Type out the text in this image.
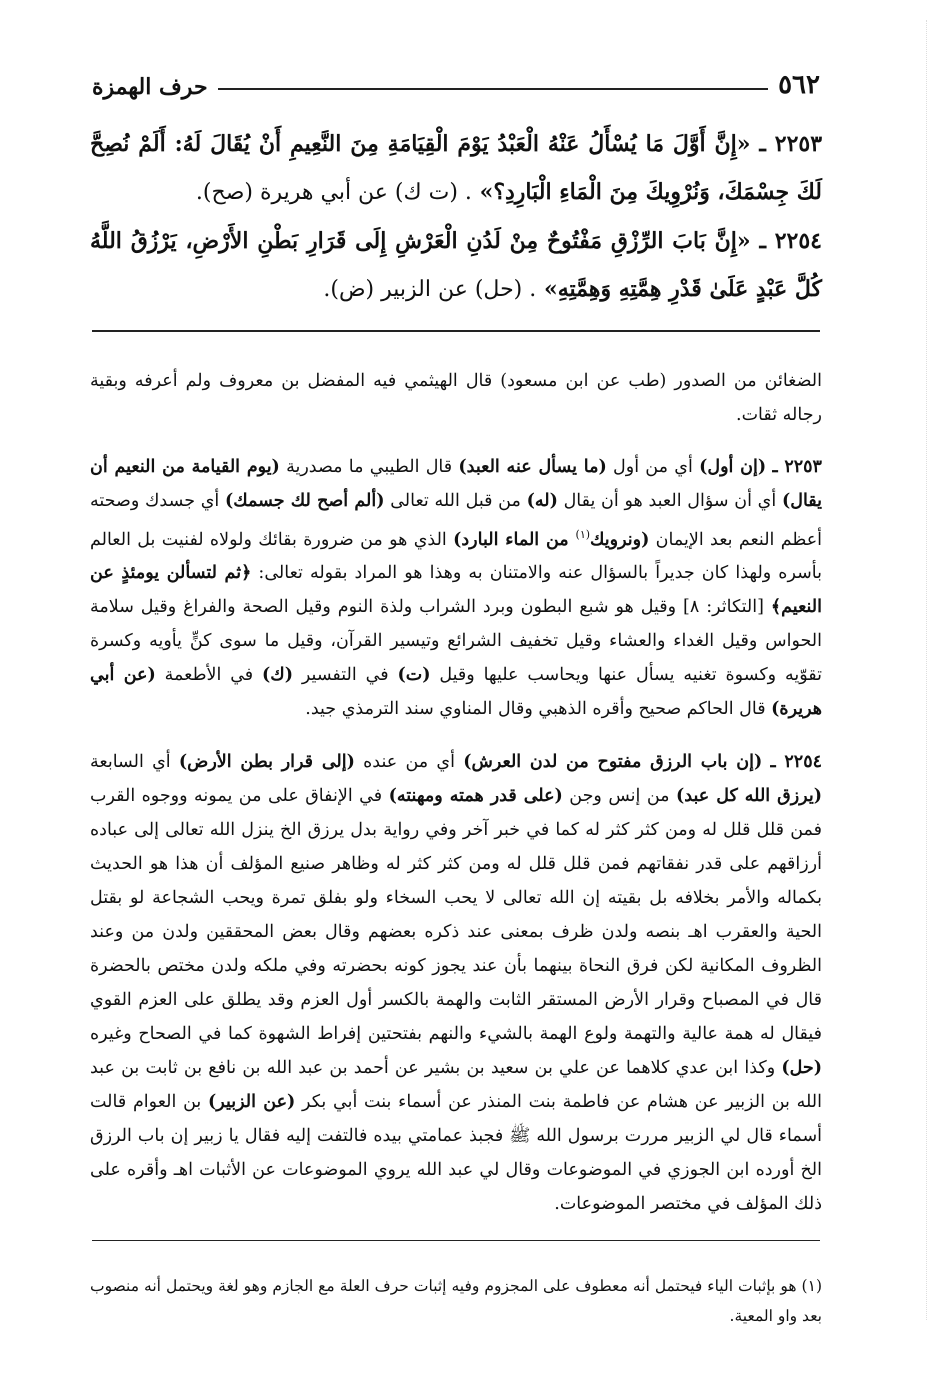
٥٦٢
حرف الهمزة
٢٢٥٣ ـ «إِنَّ أَوَّلَ مَا يُسْأَلُ عَنْهُ الْعَبْدُ يَوْمَ الْقِيَامَةِ مِنَ النَّعِيمِ أَنْ يُقَالَ لَهُ: أَلَمْ نُصِحَّ لَكَ جِسْمَكَ، وَنُرْوِيكَ مِنَ الْمَاءِ الْبَارِدِ؟» . (ت ك) عن أبي هريرة (صح).
٢٢٥٤ ـ «إِنَّ بَابَ الرِّزْقِ مَفْتُوحٌ مِنْ لَدُنِ الْعَرْشِ إِلَى قَرَارِ بَطْنِ الأَرْضِ، يَرْزُقُ اللَّهُ كُلَّ عَبْدٍ عَلَىٰ قَدْرِ هِمَّتِهِ وَهِمَّتِهِ» . (حل) عن الزبير (ض).

الضغائن من الصدور (طب عن ابن مسعود) قال الهيثمي فيه المفضل بن معروف ولم أعرفه وبقية رجاله ثقات.

٢٢٥٣ ـ (إن أول) أي من أول (ما يسأل عنه العبد) قال الطيبي ما مصدرية (يوم القيامة من النعيم أن يقال) أي أن سؤال العبد هو أن يقال (له) من قبل الله تعالى (ألم أصح لك جسمك) أي جسدك وصحته أعظم النعم بعد الإيمان (ونرويك$^{(١)}$ من الماء البارد) الذي هو من ضرورة بقائك ولولاه لفنيت بل العالم بأسره ولهذا كان جديراً بالسؤال عنه والامتنان به وهذا هو المراد بقوله تعالى: ﴿ثم لتسألن يومئذٍ عن النعيم﴾ [التكاثر: ٨] وقيل هو شبع البطون وبرد الشراب ولذة النوم وقيل الصحة والفراغ وقيل سلامة الحواس وقيل الغداء والعشاء وقيل تخفيف الشرائع وتيسير القرآن، وقيل ما سوى كنٍّ يأويه وكسرة تقوّيه وكسوة تغنيه يسأل عنها ويحاسب عليها وقيل (ت) في التفسير (ك) في الأطعمة (عن أبي هريرة) قال الحاكم صحيح وأقره الذهبي وقال المناوي سند الترمذي جيد.

٢٢٥٤ ـ (إن باب الرزق مفتوح من لدن العرش) أي من عنده (إلى قرار بطن الأرض) أي السابعة (يرزق الله كل عبد) من إنس وجن (على قدر همته ومهنته) في الإنفاق على من يمونه ووجوه القرب فمن قلل قلل له ومن كثر كثر له كما في خبر آخر وفي رواية بدل يرزق الخ ينزل الله تعالى إلى عباده أرزاقهم على قدر نفقاتهم فمن قلل قلل له ومن كثر كثر له وظاهر صنيع المؤلف أن هذا هو الحديث بكماله والأمر بخلافه بل بقيته إن الله تعالى لا يحب السخاء ولو بفلق تمرة ويحب الشجاعة لو بقتل الحية والعقرب اهـ بنصه ولدن ظرف بمعنى عند ذكره بعضهم وقال بعض المحققين ولدن من وعند الظروف المكانية لكن فرق النحاة بينهما بأن عند يجوز كونه بحضرته وفي ملكه ولدن مختص بالحضرة قال في المصباح وقرار الأرض المستقر الثابت والهمة بالكسر أول العزم وقد يطلق على العزم القوي فيقال له همة عالية والتهمة ولوع الهمة بالشيء والنهم بفتحتين إفراط الشهوة كما في الصحاح وغيره (حل) وكذا ابن عدي كلاهما عن علي بن سعيد بن بشير عن أحمد بن عبد الله بن نافع بن ثابت بن عبد الله بن الزبير عن هشام عن فاطمة بنت المنذر عن أسماء بنت أبي بكر (عن الزبير) بن العوام قالت أسماء قال لي الزبير مررت برسول الله ﷺ فجبذ عمامتي بيده فالتفت إليه فقال يا زبير إن باب الرزق الخ أورده ابن الجوزي في الموضوعات وقال لي عبد الله يروي الموضوعات عن الأثبات اهـ وأقره على ذلك المؤلف في مختصر الموضوعات.

(١) هو بإثبات الياء فيحتمل أنه معطوف على المجزوم وفيه إثبات حرف العلة مع الجازم وهو لغة ويحتمل أنه منصوب بعد واو المعية.
